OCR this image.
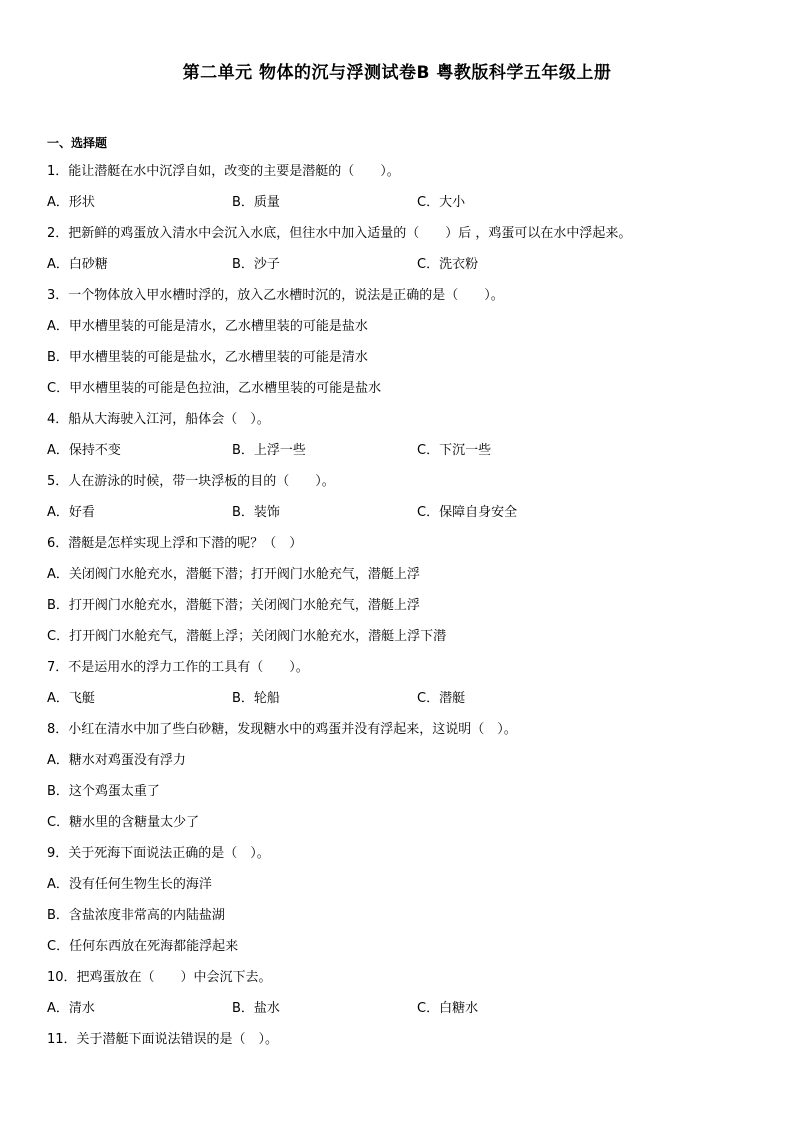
第二单元 物体的沉与浮测试卷B 粤教版科学五年级上册
一、选择题
1．能让潜艇在水中沉浮自如，改变的主要是潜艇的（　　）。
A．形状	B．质量	C．大小
2．把新鲜的鸡蛋放入清水中会沉入水底，但往水中加入适量的（　　）后 ，鸡蛋可以在水中浮起来。
A．白砂糖	B．沙子	C．洗衣粉
3．一个物体放入甲水槽时浮的，放入乙水槽时沉的，说法是正确的是（　　）。
A．甲水槽里装的可能是清水，乙水槽里装的可能是盐水
B．甲水槽里装的可能是盐水，乙水槽里装的可能是清水
C．甲水槽里装的可能是色拉油，乙水槽里装的可能是盐水
4．船从大海驶入江河，船体会（　）。
A．保持不变	B．上浮一些	C．下沉一些
5．人在游泳的时候，带一块浮板的目的（　　）。
A．好看	B．装饰	C．保障自身安全
6．潜艇是怎样实现上浮和下潜的呢？（　）
A．关闭阀门水舱充水，潜艇下潜；打开阀门水舱充气，潜艇上浮
B．打开阀门水舱充水，潜艇下潜；关闭阀门水舱充气，潜艇上浮
C．打开阀门水舱充气，潜艇上浮；关闭阀门水舱充水，潜艇上浮下潜
7．不是运用水的浮力工作的工具有（　　）。
A．飞艇	B．轮船	C．潜艇
8．小红在清水中加了些白砂糖，发现糖水中的鸡蛋并没有浮起来，这说明（　）。
A．糖水对鸡蛋没有浮力
B．这个鸡蛋太重了
C．糖水里的含糖量太少了
9．关于死海下面说法正确的是（　）。
A．没有任何生物生长的海洋
B．含盐浓度非常高的内陆盐湖
C．任何东西放在死海都能浮起来
10．把鸡蛋放在（　　）中会沉下去。
A．清水	B．盐水	C．白糖水
11．关于潜艇下面说法错误的是（　）。
